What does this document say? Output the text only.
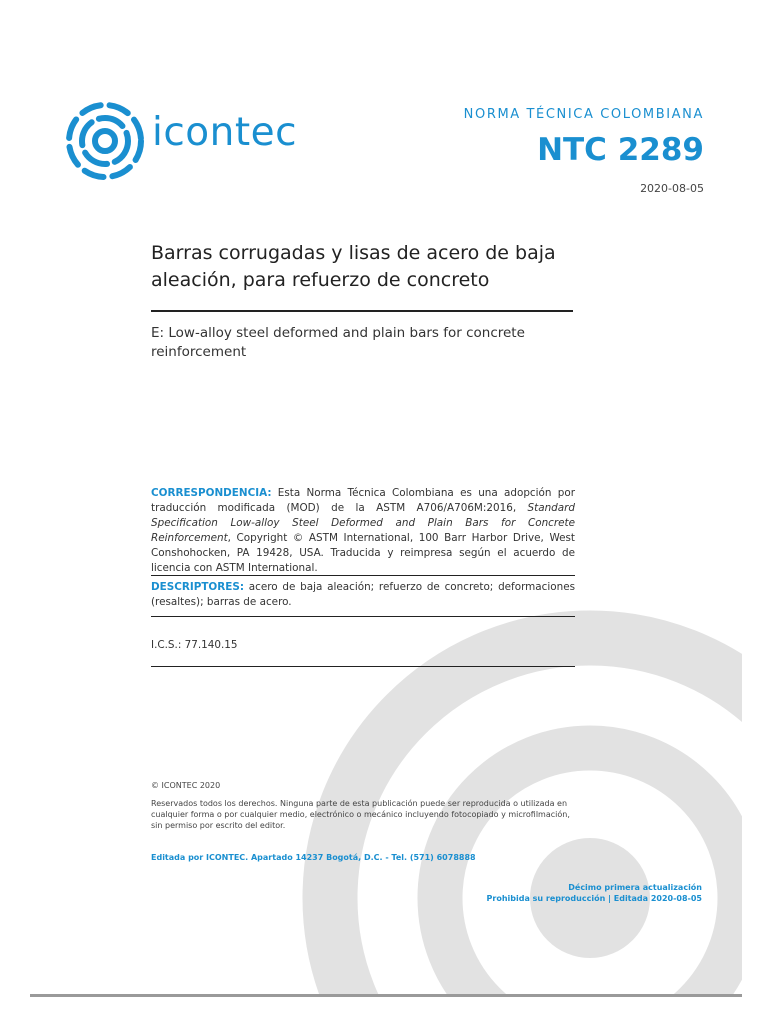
icontec	NORMA TÉCNICA COLOMBIANA
NTC 2289
2020-08-05
Barras corrugadas y lisas de acero de baja aleación, para refuerzo de concreto
E: Low-alloy steel deformed and plain bars for concrete reinforcement
CORRESPONDENCIA: Esta Norma Técnica Colombiana es una adopción por traducción modificada (MOD) de la ASTM A706/A706M:2016, Standard Specification Low-alloy Steel Deformed and Plain Bars for Concrete Reinforcement, Copyright © ASTM International, 100 Barr Harbor Drive, West Conshohocken, PA 19428, USA. Traducida y reimpresa según el acuerdo de licencia con ASTM International.
DESCRIPTORES: acero de baja aleación; refuerzo de concreto; deformaciones (resaltes); barras de acero.
I.C.S.: 77.140.15
© ICONTEC 2020
Reservados todos los derechos. Ninguna parte de esta publicación puede ser reproducida o utilizada en cualquier forma o por cualquier medio, electrónico o mecánico incluyendo fotocopiado y microfilmación, sin permiso por escrito del editor.
Editada por ICONTEC. Apartado 14237 Bogotá, D.C. - Tel. (571) 6078888
Décimo primera actualización
Prohibida su reproducción | Editada 2020-08-05
